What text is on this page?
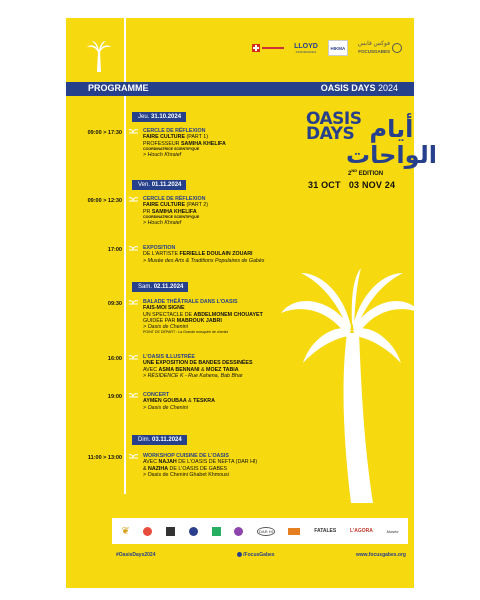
LLOYD
ASSURANCES
HIKMA
فوكس قابس
FOCUSGABES
PROGRAMME	OASIS DAYS 2024
OASIS
DAYS أيام
الواحات
2ND EDITION
31 OCT 03 NOV 24
Jeu. 31.10.2024
09:00 > 17:30	CERCLE DE RÉFLEXION
FAIRE CULTURE (PART 1)
PROFESSEUR SAMIHA KHELIFA
COORDINATRICE SCIENTIFIQUE
> Houch Khraief
Ven. 01.11.2024
09:00 > 12:30	CERCLE DE RÉFLEXION
FAIRE CULTURE (PART 2)
PR SAMIHA KHELIFA
COORDINATRICE SCIENTIFIQUE
> Houch Khraief
17:00	EXPOSITION
DE L'ARTISTE FERIELLE DOULAIN ZOUARI
> Musée des Arts & Traditions Populaires de Gabès
Sam. 02.11.2024
09:30	BALADE THÉÂTRALE DANS L'OASIS
FAIS-MOI SIGNE
UN SPECTACLE DE ABDELMONEM CHOUAYET
GUIDÉE PAR MABROUK JABRI
> Oasis de Chenini
POINT DE DÉPART : La Grande mosquée de chenini
16:00	L'OASIS ILLUSTRÉE
UNE EXPOSITION DE BANDES DESSINÉES
AVEC ASMA BENNANI & MOEZ TABIA
> RÉSIDENCE K - Rue Kahena, Bab Bhar
19:00	CONCERT
AYMEN GOUBAA & TESKRA
> Oasis de Chenini
Dim. 03.11.2024
11:00 > 13:00	WORKSHOP CUISINE DE L'OASIS
AVEC NAJAH DE L'OASIS DE NEFTA (DAR HI)
& NAZIHA DE L'OASIS DE GABES
> Oasis de Chenini Ghabet Khmousi
❦	DAR HI	FATALES	L'AGORA	Musée
#OasisDays2024	/FocusGabes	www.focusgabes.org
